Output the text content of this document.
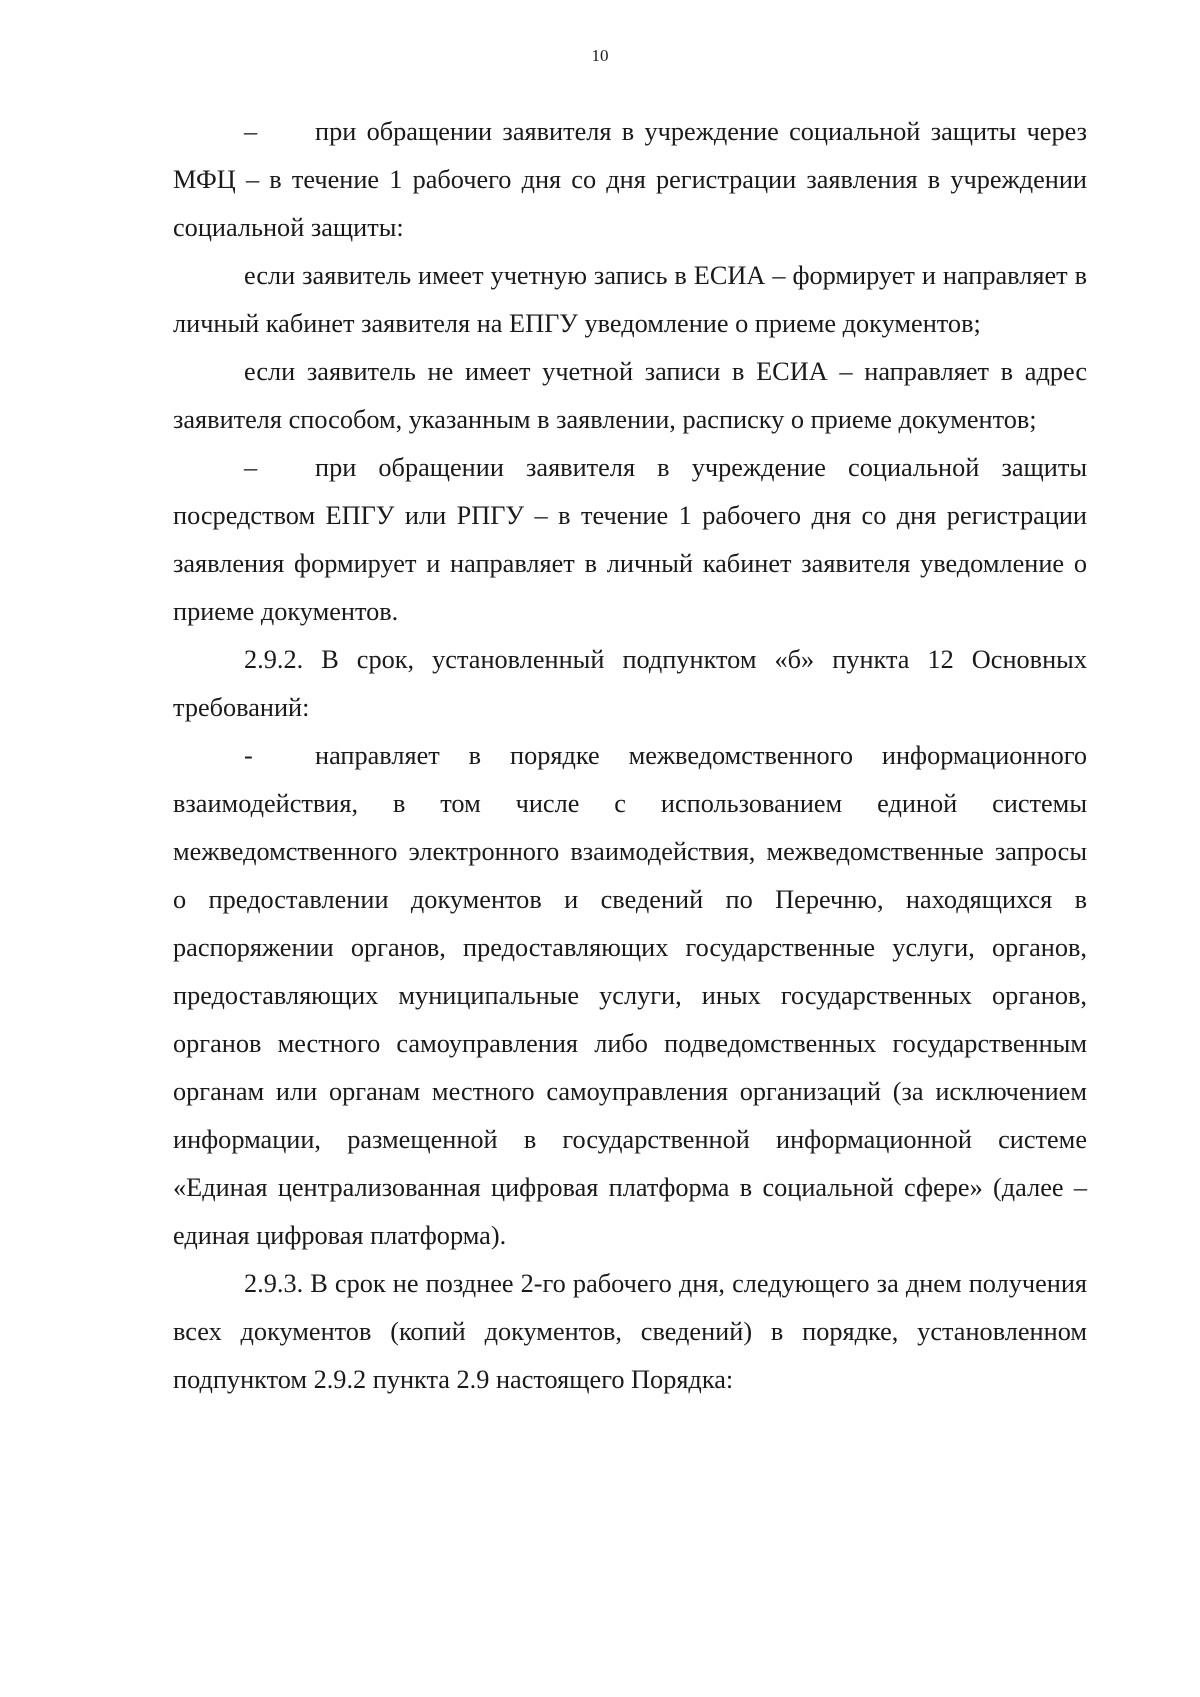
10

– при обращении заявителя в учреждение социальной защиты через МФЦ – в течение 1 рабочего дня со дня регистрации заявления в учреждении социальной защиты:

если заявитель имеет учетную запись в ЕСИА – формирует и направляет в личный кабинет заявителя на ЕПГУ уведомление о приеме документов;

если заявитель не имеет учетной записи в ЕСИА – направляет в адрес заявителя способом, указанным в заявлении, расписку о приеме документов;

– при обращении заявителя в учреждение социальной защиты посредством ЕПГУ или РПГУ – в течение 1 рабочего дня со дня регистрации заявления формирует и направляет в личный кабинет заявителя уведомление о приеме документов.

2.9.2. В срок, установленный подпунктом «б» пункта 12 Основных требований:

- направляет в порядке межведомственного информационного взаимодействия, в том числе с использованием единой системы межведомственного электронного взаимодействия, межведомственные запросы о предоставлении документов и сведений по Перечню, находящихся в распоряжении органов, предоставляющих государственные услуги, органов, предоставляющих муниципальные услуги, иных государственных органов, органов местного самоуправления либо подведомственных государственным органам или органам местного самоуправления организаций (за исключением информации, размещенной в государственной информационной системе «Единая централизованная цифровая платформа в социальной сфере» (далее – единая цифровая платформа).

2.9.3. В срок не позднее 2-го рабочего дня, следующего за днем получения всех документов (копий документов, сведений) в порядке, установленном подпунктом 2.9.2 пункта 2.9 настоящего Порядка:
